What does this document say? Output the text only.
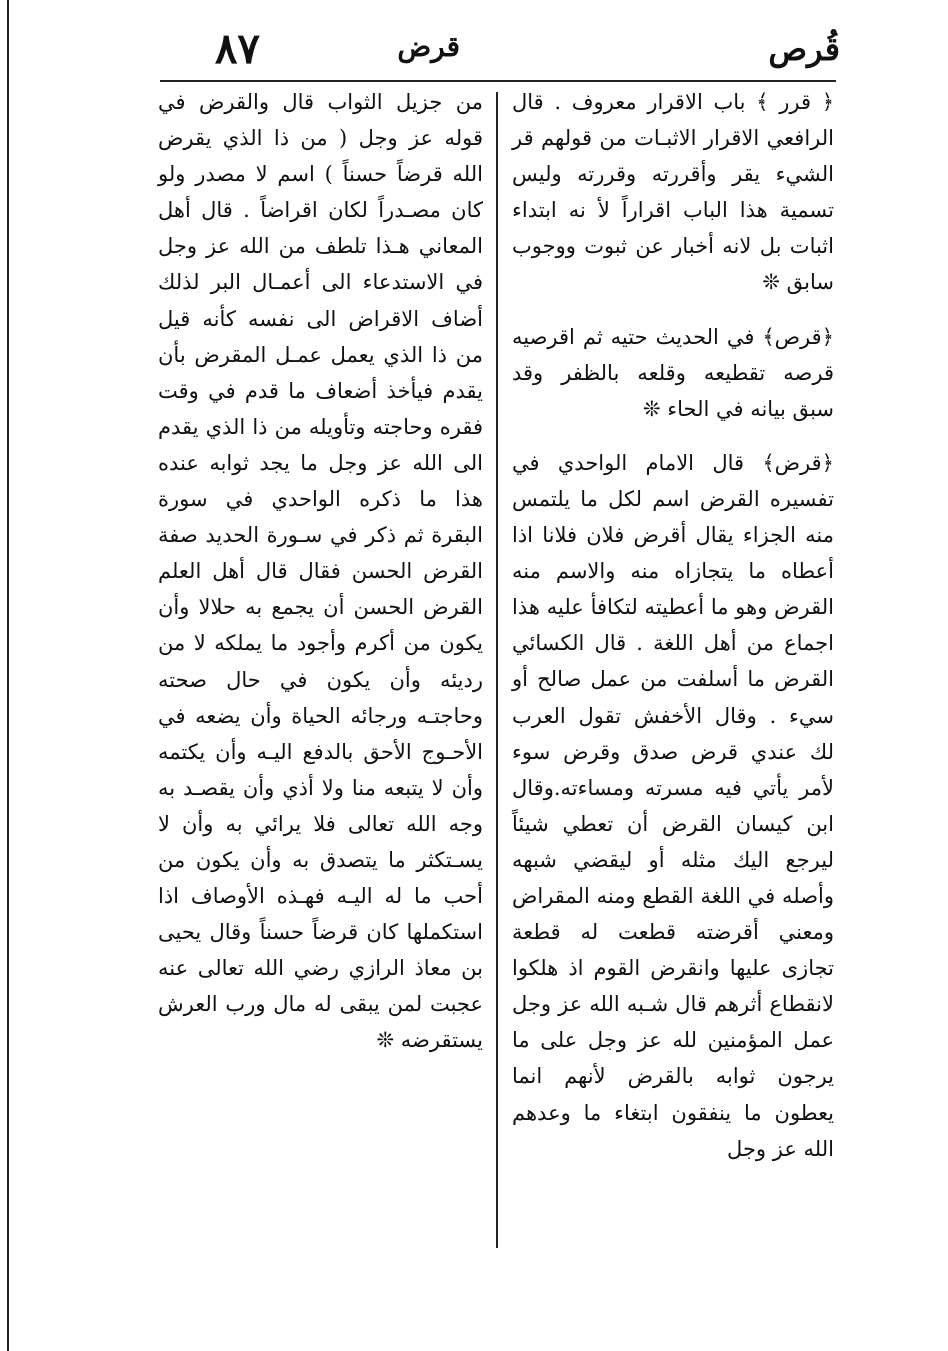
قُرص
قرض
٨٧

﴿ قرر ﴾ باب الاقرار معروف . قال الرافعي الاقرار الاثبـات من قولهم قر الشيء يقر وأقررته وقررته وليس تسمية هذا الباب اقراراً لأ نه ابتداء اثبات بل لانه أخبار عن ثبوت ووجوب سابق ❊

﴿قرص﴾ في الحديث حتيه ثم اقرصيه قرصه تقطيعه وقلعه بالظفر وقد سبق بيانه في الحاء ❊

﴿قرض﴾ قال الامام الواحدي في تفسيره القرض اسم لكل ما يلتمس منه الجزاء يقال أقرض فلان فلانا اذا أعطاه ما يتجازاه منه والاسم منه القرض وهو ما أعطيته لتكافأ عليه هذا اجماع من أهل اللغة . قال الكسائي القرض ما أسلفت من عمل صالح أو سيء . وقال الأخفش تقول العرب لك عندي قرض صدق وقرض سوء لأمر يأتي فيه مسرته ومساءته.وقال ابن كيسان القرض أن تعطي شيئاً ليرجع اليك مثله أو ليقضي شبهه وأصله في اللغة القطع ومنه المقراض ومعني أقرضته قطعت له قطعة تجازى عليها وانقرض القوم اذ هلكوا لانقطاع أثرهم قال شـبه الله عز وجل عمل المؤمنين لله عز وجل على ما يرجون ثوابه بالقرض لأنهم انما يعطون ما ينفقون ابتغاء ما وعدهم الله عز وجل

من جزيل الثواب قال والقرض في قوله عز وجل ( من ذا الذي يقرض الله قرضاً حسناً ) اسم لا مصدر ولو كان مصـدراً لكان اقراضاً . قال أهل المعاني هـذا تلطف من الله عز وجل في الاستدعاء الى أعمـال البر لذلك أضاف الاقراض الى نفسه كأنه قيل من ذا الذي يعمل عمـل المقرض بأن يقدم فيأخذ أضعاف ما قدم في وقت فقره وحاجته وتأويله من ذا الذي يقدم الى الله عز وجل ما يجد ثوابه عنده هذا ما ذكره الواحدي في سورة البقرة ثم ذكر في سـورة الحديد صفة القرض الحسن فقال قال أهل العلم القرض الحسن أن يجمع به حلالا وأن يكون من أكرم وأجود ما يملكه لا من رديئه وأن يكون في حال صحته وحاجتـه ورجائه الحياة وأن يضعه في الأحـوج الأحق بالدفع اليـه وأن يكتمه وأن لا يتبعه منا ولا أذي وأن يقصـد به وجه الله تعالى فلا يرائي به وأن لا يسـتكثر ما يتصدق به وأن يكون من أحب ما له اليـه فهـذه الأوصاف اذا استكملها كان قرضاً حسناً وقال يحيى بن معاذ الرازي رضي الله تعالى عنه عجبت لمن يبقى له مال ورب العرش يستقرضه ❊
